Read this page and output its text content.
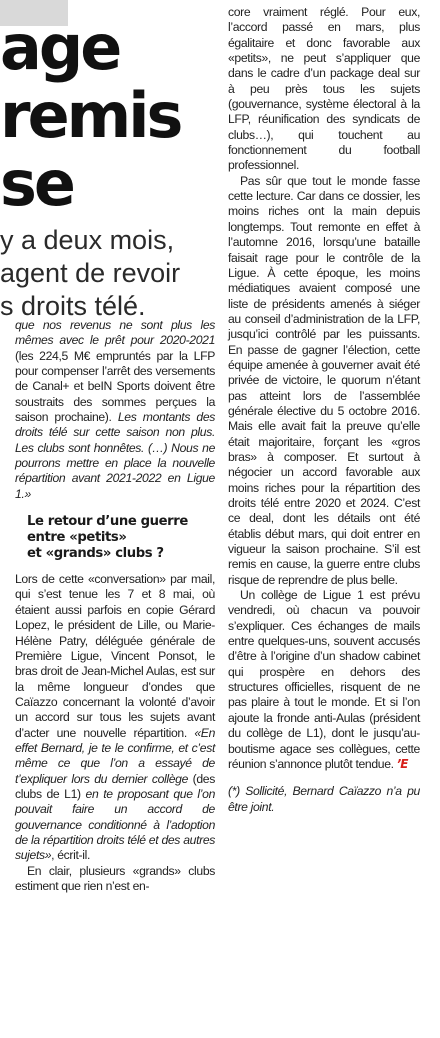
age
remis
se

y a deux mois,
agent de revoir
s droits télé.

que nos revenus ne sont plus les mêmes avec le prêt pour 2020-2021 (les 224,5 M€ empruntés par la LFP pour compenser l’arrêt des versements de Canal+ et beIN Sports doivent être soustraits des sommes perçues la saison prochaine). Les montants des droits télé sur cette saison non plus. Les clubs sont honnêtes. (…) Nous ne pourrons mettre en place la nouvelle répartition avant 2021-2022 en Ligue 1.»

Le retour d’une guerre
entre «petits»
et «grands» clubs ?

Lors de cette «conversation» par mail, qui s’est tenue les 7 et 8 mai, où étaient aussi parfois en copie Gérard Lopez, le président de Lille, ou Marie-Hélène Patry, déléguée générale de Première Ligue, Vincent Ponsot, le bras droit de Jean-Michel Aulas, est sur la même longueur d’ondes que Caïazzo concernant la volonté d’avoir un accord sur tous les sujets avant d’acter une nouvelle répartition. «En effet Bernard, je te le confirme, et c’est même ce que l’on a essayé de t’expliquer lors du dernier collège (des clubs de L1) en te proposant que l’on pouvait faire un accord de gouvernance conditionné à l’adoption de la répartition droits télé et des autres sujets», écrit-il.

En clair, plusieurs «grands» clubs estiment que rien n’est en-

core vraiment réglé. Pour eux, l’accord passé en mars, plus égalitaire et donc favorable aux «petits», ne peut s’appliquer que dans le cadre d’un package deal sur à peu près tous les sujets (gouvernance, système électoral à la LFP, réunification des syndicats de clubs…), qui touchent au fonctionnement du football professionnel.

Pas sûr que tout le monde fasse cette lecture. Car dans ce dossier, les moins riches ont la main depuis longtemps. Tout remonte en effet à l’automne 2016, lorsqu’une bataille faisait rage pour le contrôle de la Ligue. À cette époque, les moins médiatiques avaient composé une liste de présidents amenés à siéger au conseil d’administration de la LFP, jusqu’ici contrôlé par les puissants. En passe de gagner l’élection, cette équipe amenée à gouverner avait été privée de victoire, le quorum n’étant pas atteint lors de l’assemblée générale élective du 5 octobre 2016. Mais elle avait fait la preuve qu’elle était majoritaire, forçant les «gros bras» à composer. Et surtout à négocier un accord favorable aux moins riches pour la répartition des droits télé entre 2020 et 2024. C’est ce deal, dont les détails ont été établis début mars, qui doit entrer en vigueur la saison prochaine. S’il est remis en cause, la guerre entre clubs risque de reprendre de plus belle.

Un collège de Ligue 1 est prévu vendredi, où chacun va pouvoir s’expliquer. Ces échanges de mails entre quelques-uns, souvent accusés d’être à l’origine d’un shadow cabinet qui prospère en dehors des structures officielles, risquent de ne pas plaire à tout le monde. Et si l’on ajoute la fronde anti-Aulas (président du collège de L1), dont le jusqu’au-boutisme agace ses collègues, cette réunion s’annonce plutôt tendue. ’E

(*) Sollicité, Bernard Caïazzo n’a pu être joint.
